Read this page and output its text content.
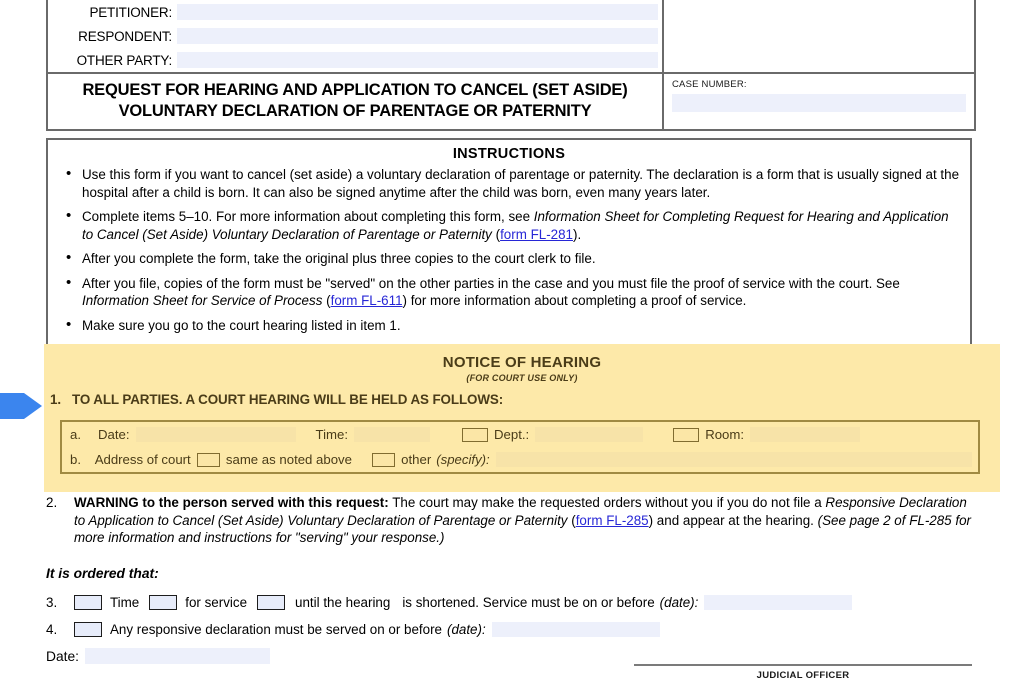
PETITIONER:
RESPONDENT:
OTHER PARTY:
REQUEST FOR HEARING AND APPLICATION TO CANCEL (SET ASIDE)
VOLUNTARY DECLARATION OF PARENTAGE OR PATERNITY

CASE NUMBER:
INSTRUCTIONS
• Use this form if you want to cancel (set aside) a voluntary declaration of parentage or paternity. The declaration is a form that is usually signed at the hospital after a child is born. It can also be signed anytime after the child was born, even many years later.
• Complete items 5–10. For more information about completing this form, see Information Sheet for Completing Request for Hearing and Application to Cancel (Set Aside) Voluntary Declaration of Parentage or Paternity (form FL-281).
• After you complete the form, take the original plus three copies to the court clerk to file.
• After you file, copies of the form must be "served" on the other parties in the case and you must file the proof of service with the court. See Information Sheet for Service of Process (form FL-611) for more information about completing a proof of service.
• Make sure you go to the court hearing listed in item 1.
NOTICE OF HEARING
(FOR COURT USE ONLY)
1. TO ALL PARTIES. A COURT HEARING WILL BE HELD AS FOLLOWS:
a.	Date:	Time:	Dept.:	Room:
b.	Address of court	same as noted above	other (specify):
2. WARNING to the person served with this request: The court may make the requested orders without you if you do not file a Responsive Declaration to Application to Cancel (Set Aside) Voluntary Declaration of Parentage or Paternity (form FL-285) and appear at the hearing. (See page 2 of FL-285 for more information and instructions for "serving" your response.)
It is ordered that:
3.	Time	for service	until the hearing is shortened. Service must be on or before (date):
4.	Any responsive declaration must be served on or before (date):
Date:
JUDICIAL OFFICER
